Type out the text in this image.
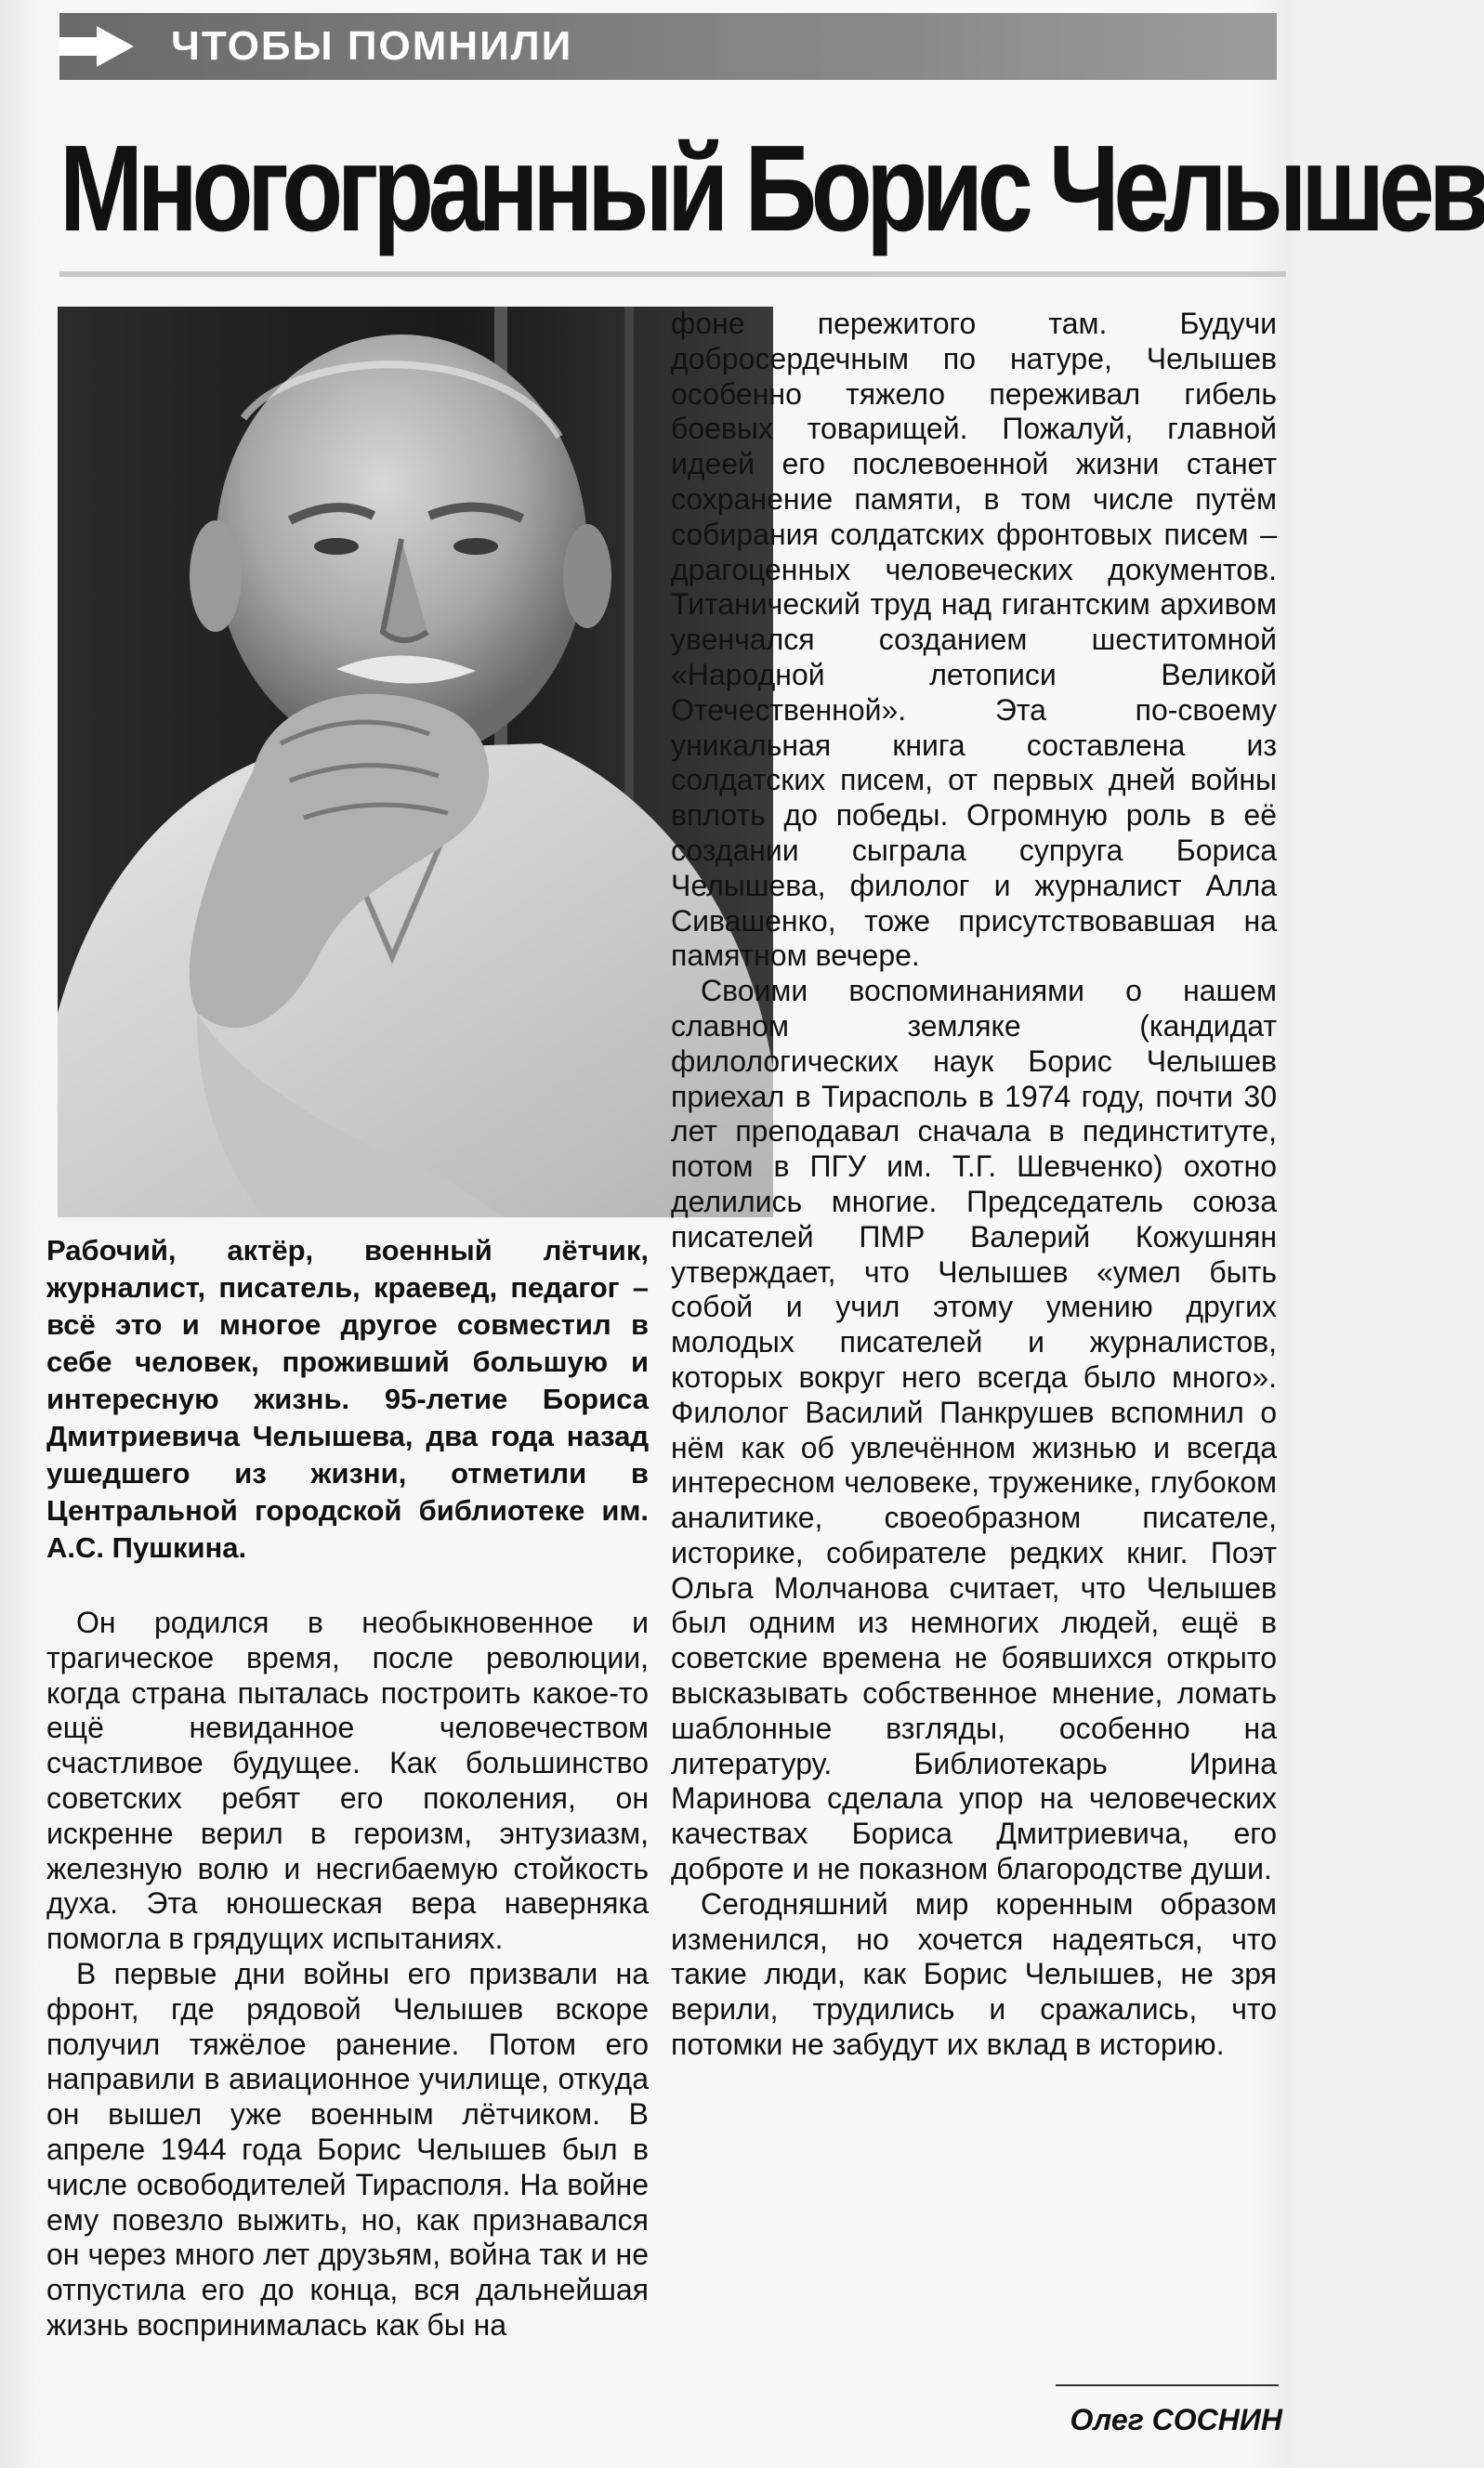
ЧТОБЫ ПОМНИЛИ
Многогранный Борис Челышев
Рабочий, актёр, военный лётчик, журналист, писатель, краевед, педагог – всё это и многое другое совместил в себе человек, проживший большую и интересную жизнь. 95-летие Бориса Дмитриевича Челышева, два года назад ушедшего из жизни, отметили в Центральной городской библиотеке им. А.С. Пушкина.

Он родился в необыкновенное и трагическое время, после революции, когда страна пыталась построить какое-то ещё невиданное человечеством счастливое будущее. Как большинство советских ребят его поколения, он искренне верил в героизм, энтузиазм, железную волю и несгибаемую стойкость духа. Эта юношеская вера наверняка помогла в грядущих испытаниях.

В первые дни войны его призвали на фронт, где рядовой Челышев вскоре получил тяжёлое ранение. Потом его направили в авиационное училище, откуда он вышел уже военным лётчиком. В апреле 1944 года Борис Челышев был в числе освободителей Тирасполя. На войне ему повезло выжить, но, как признавался он через много лет друзьям, война так и не отпустила его до конца, вся дальнейшая жизнь воспринималась как бы на

фоне пережитого там. Будучи добросердечным по натуре, Челышев особенно тяжело переживал гибель боевых товарищей. Пожалуй, главной идеей его послевоенной жизни станет сохранение памяти, в том числе путём собирания солдатских фронтовых писем – драгоценных человеческих документов. Титанический труд над гигантским архивом увенчался созданием шеститомной «Народной летописи Великой Отечественной». Эта по-своему уникальная книга составлена из солдатских писем, от первых дней войны вплоть до победы. Огромную роль в её создании сыграла супруга Бориса Челышева, филолог и журналист Алла Сивашенко, тоже присутствовавшая на памятном вечере.

Своими воспоминаниями о нашем славном земляке (кандидат филологических наук Борис Челышев приехал в Тирасполь в 1974 году, почти 30 лет преподавал сначала в пединституте, потом в ПГУ им. Т.Г. Шевченко) охотно делились многие. Председатель союза писателей ПМР Валерий Кожушнян утверждает, что Челышев «умел быть собой и учил этому умению других молодых писателей и журналистов, которых вокруг него всегда было много». Филолог Василий Панкрушев вспомнил о нём как об увлечённом жизнью и всегда интересном человеке, труженике, глубоком аналитике, своеобразном писателе, историке, собирателе редких книг. Поэт Ольга Молчанова считает, что Челышев был одним из немногих людей, ещё в советские времена не боявшихся открыто высказывать собственное мнение, ломать шаблонные взгляды, особенно на литературу. Библиотекарь Ирина Маринова сделала упор на человеческих качествах Бориса Дмитриевича, его доброте и не показном благородстве души.

Сегодняшний мир коренным образом изменился, но хочется надеяться, что такие люди, как Борис Челышев, не зря верили, трудились и сражались, что потомки не забудут их вклад в историю.

Олег СОСНИН
